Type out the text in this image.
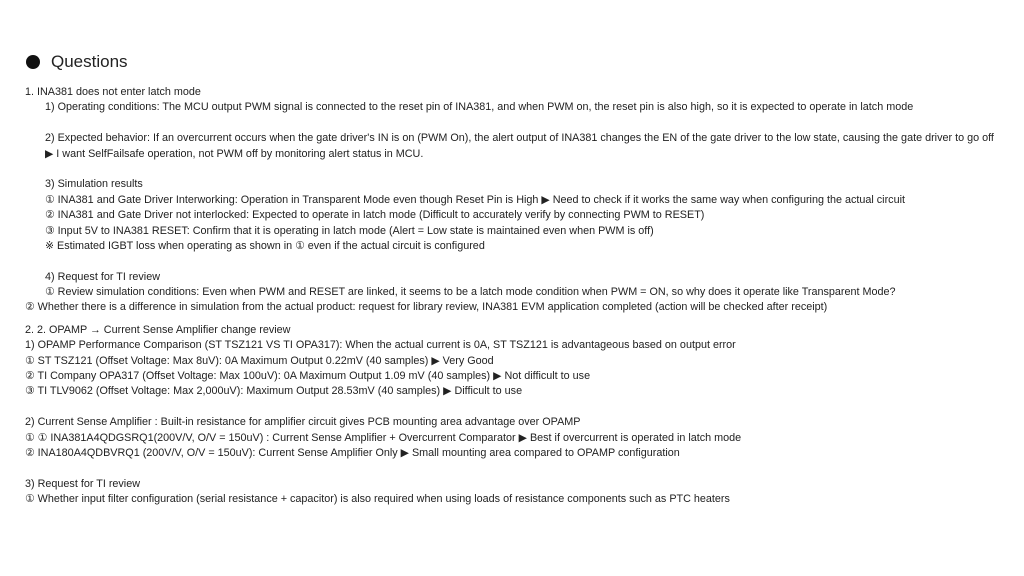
Questions
1. INA381 does not enter latch mode
1) Operating conditions: The MCU output PWM signal is connected to the reset pin of INA381, and when PWM on, the reset pin is also high, so it is expected to operate in latch mode
2) Expected behavior: If an overcurrent occurs when the gate driver's IN is on (PWM On), the alert output of INA381 changes the EN of the gate driver to the low state, causing the gate driver to go off
▶ I want SelfFailsafe operation, not PWM off by monitoring alert status in MCU.
3) Simulation results
① INA381 and Gate Driver Interworking: Operation in Transparent Mode even though Reset Pin is High ▶ Need to check if it works the same way when configuring the actual circuit
② INA381 and Gate Driver not interlocked: Expected to operate in latch mode (Difficult to accurately verify by connecting PWM to RESET)
③ Input 5V to INA381 RESET: Confirm that it is operating in latch mode (Alert = Low state is maintained even when PWM is off)
※ Estimated IGBT loss when operating as shown in ① even if the actual circuit is configured
4) Request for TI review
① Review simulation conditions: Even when PWM and RESET are linked, it seems to be a latch mode condition when PWM = ON, so why does it operate like Transparent Mode?
② Whether there is a difference in simulation from the actual product: request for library review, INA381 EVM application completed (action will be checked after receipt)
2. 2. OPAMP → Current Sense Amplifier change review
1) OPAMP Performance Comparison (ST TSZ121 VS TI OPA317): When the actual current is 0A, ST TSZ121 is advantageous based on output error
① ST TSZ121 (Offset Voltage: Max 8uV): 0A Maximum Output 0.22mV (40 samples) ▶ Very Good
② TI Company OPA317 (Offset Voltage: Max 100uV): 0A Maximum Output 1.09 mV (40 samples) ▶ Not difficult to use
③ TI TLV9062 (Offset Voltage: Max 2,000uV): Maximum Output 28.53mV (40 samples) ▶ Difficult to use
2) Current Sense Amplifier : Built-in resistance for amplifier circuit gives PCB mounting area advantage over OPAMP
① ① INA381A4QDGSRQ1(200V/V, O/V = 150uV) : Current Sense Amplifier + Overcurrent Comparator ▶ Best if overcurrent is operated in latch mode
② INA180A4QDBVRQ1 (200V/V, O/V = 150uV): Current Sense Amplifier Only ▶ Small mounting area compared to OPAMP configuration
3) Request for TI review
① Whether input filter configuration (serial resistance + capacitor) is also required when using loads of resistance components such as PTC heaters
